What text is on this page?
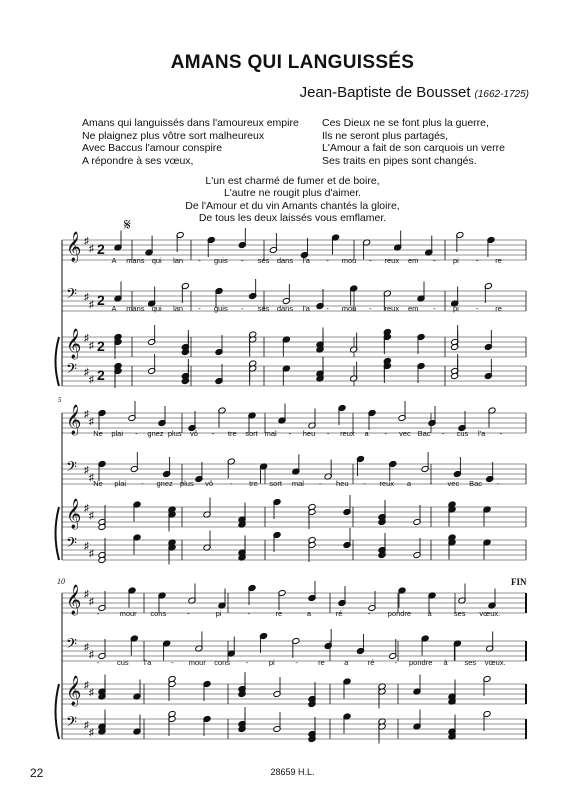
AMANS QUI LANGUISSÉS
Jean-Baptiste de Bousset (1662-1725)
Amans qui languissés dans l'amoureux empire
Ne plaignez plus vôtre sort malheureux
Avec Baccus l'amour conspire
A répondre à ses vœux,
Ces Dieux ne se font plus la guerre,
Ils ne seront plus partagés,
L'Amour a fait de son carquois un verre
Ses traits en pipes sont changés.
L'un est charmé de fumer et de boire,
L'autre ne rougit plus d'aimer.
De l'Amour et du vin Amants chantés la gloire,
De tous les deux laissés vous emflamer.
𝄞 ♯
♯ 2
𝄢 ♯
♯ 2
𝄞 ♯
♯ 2
𝄢 ♯
♯ 2
A mans qui lan - guis - sés dans l'a - mou - reux em - pi - re
A mans qui lan - guis - sés dans l'a - mou - reux em - pi - re
𝄞 ♯
♯
𝄢 ♯
♯
𝄞 ♯
♯
𝄢 ♯
♯
Ne plai - gnez plus vô - tre sort mal - heu - reux a - vec Bac - cus l'a -
Ne plai - gnez plus vô - tre sort mal - heu - reux a	- vec Bac -
𝄞 ♯
♯
𝄢 ♯
♯
𝄞 ♯
♯
𝄢 ♯
♯
-	mour cons	-	pi	-	re	a	ré	- pondre à	ses vœux.
- cus l'a	- mour cons -	pi	-	re	a	ré	- pondre à ses vœux.
𝄋
5
10	FIN
22	28659 H.L.
